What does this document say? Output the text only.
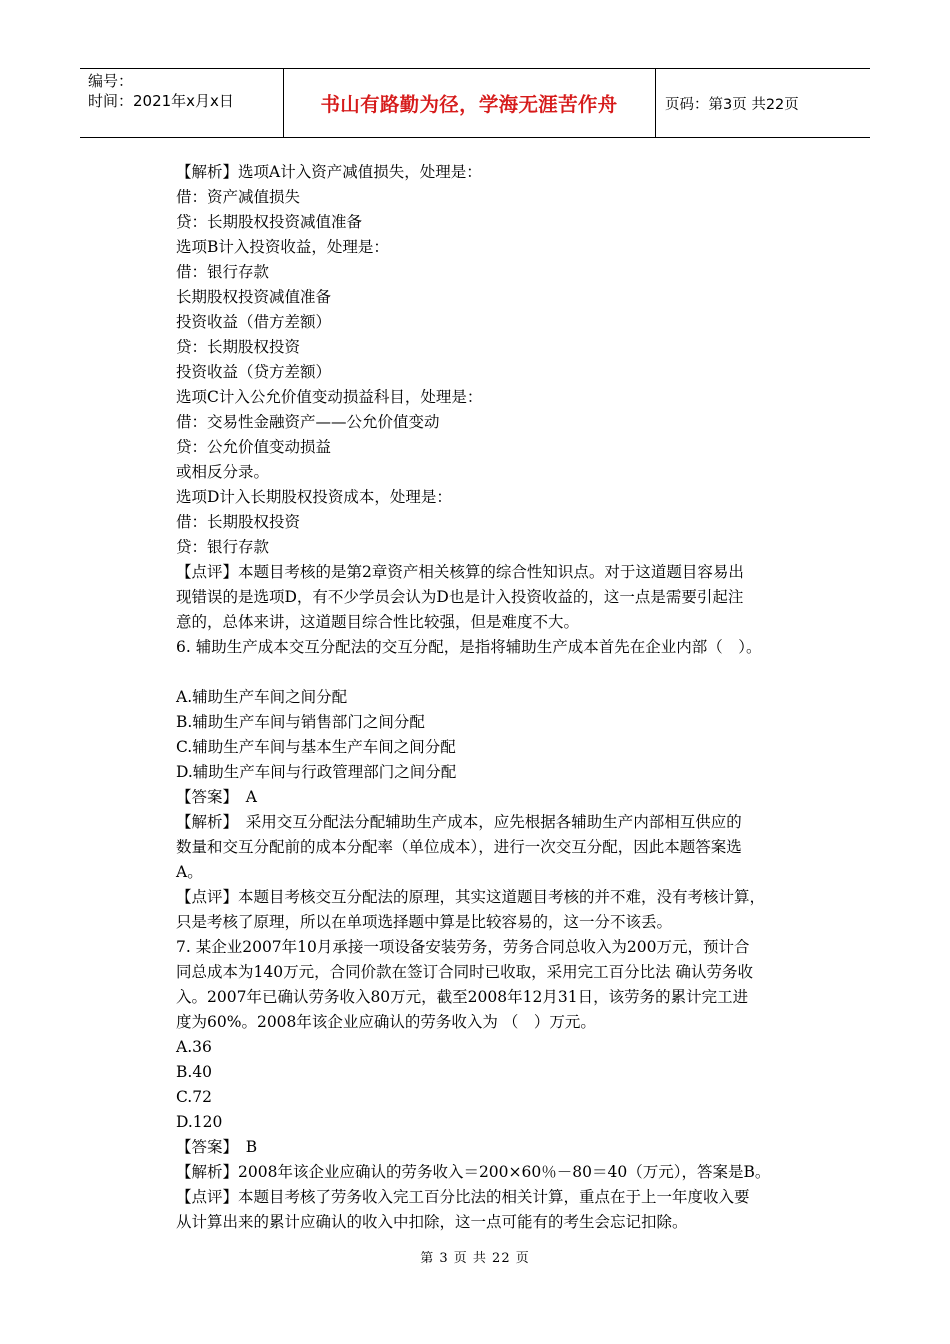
编号：
时间：2021年x月x日	书山有路勤为径，学海无涯苦作舟	页码：第3页 共22页
【解析】选项A计入资产减值损失，处理是：
借：资产减值损失
贷：长期股权投资减值准备
选项B计入投资收益，处理是：
借：银行存款
长期股权投资减值准备
投资收益（借方差额）
贷：长期股权投资
投资收益（贷方差额）
选项C计入公允价值变动损益科目，处理是：
借：交易性金融资产——公允价值变动
贷：公允价值变动损益
或相反分录。
选项D计入长期股权投资成本，处理是：
借：长期股权投资
贷：银行存款
【点评】本题目考核的是第2章资产相关核算的综合性知识点。对于这道题目容易出
现错误的是选项D，有不少学员会认为D也是计入投资收益的，这一点是需要引起注
意的，总体来讲，这道题目综合性比较强，但是难度不大。
6. 辅助生产成本交互分配法的交互分配，是指将辅助生产成本首先在企业内部（　）。
A.辅助生产车间之间分配
B.辅助生产车间与销售部门之间分配
C.辅助生产车间与基本生产车间之间分配
D.辅助生产车间与行政管理部门之间分配
【答案】　A
【解析】　采用交互分配法分配辅助生产成本，应先根据各辅助生产内部相互供应的
数量和交互分配前的成本分配率（单位成本），进行一次交互分配，因此本题答案选
A。
【点评】本题目考核交互分配法的原理，其实这道题目考核的并不难，没有考核计算，
只是考核了原理，所以在单项选择题中算是比较容易的，这一分不该丢。
7. 某企业2007年10月承接一项设备安装劳务，劳务合同总收入为200万元，预计合
同总成本为140万元，合同价款在签订合同时已收取，采用完工百分比法 确认劳务收
入。2007年已确认劳务收入80万元，截至2008年12月31日，该劳务的累计完工进
度为60%。2008年该企业应确认的劳务收入为 （　）万元。
A.36
B.40
C.72
D.120
【答案】　B
【解析】2008年该企业应确认的劳务收入＝200×60％－80＝40（万元），答案是B。
【点评】本题目考核了劳务收入完工百分比法的相关计算，重点在于上一年度收入要
从计算出来的累计应确认的收入中扣除，这一点可能有的考生会忘记扣除。
第 3 页 共 22 页
